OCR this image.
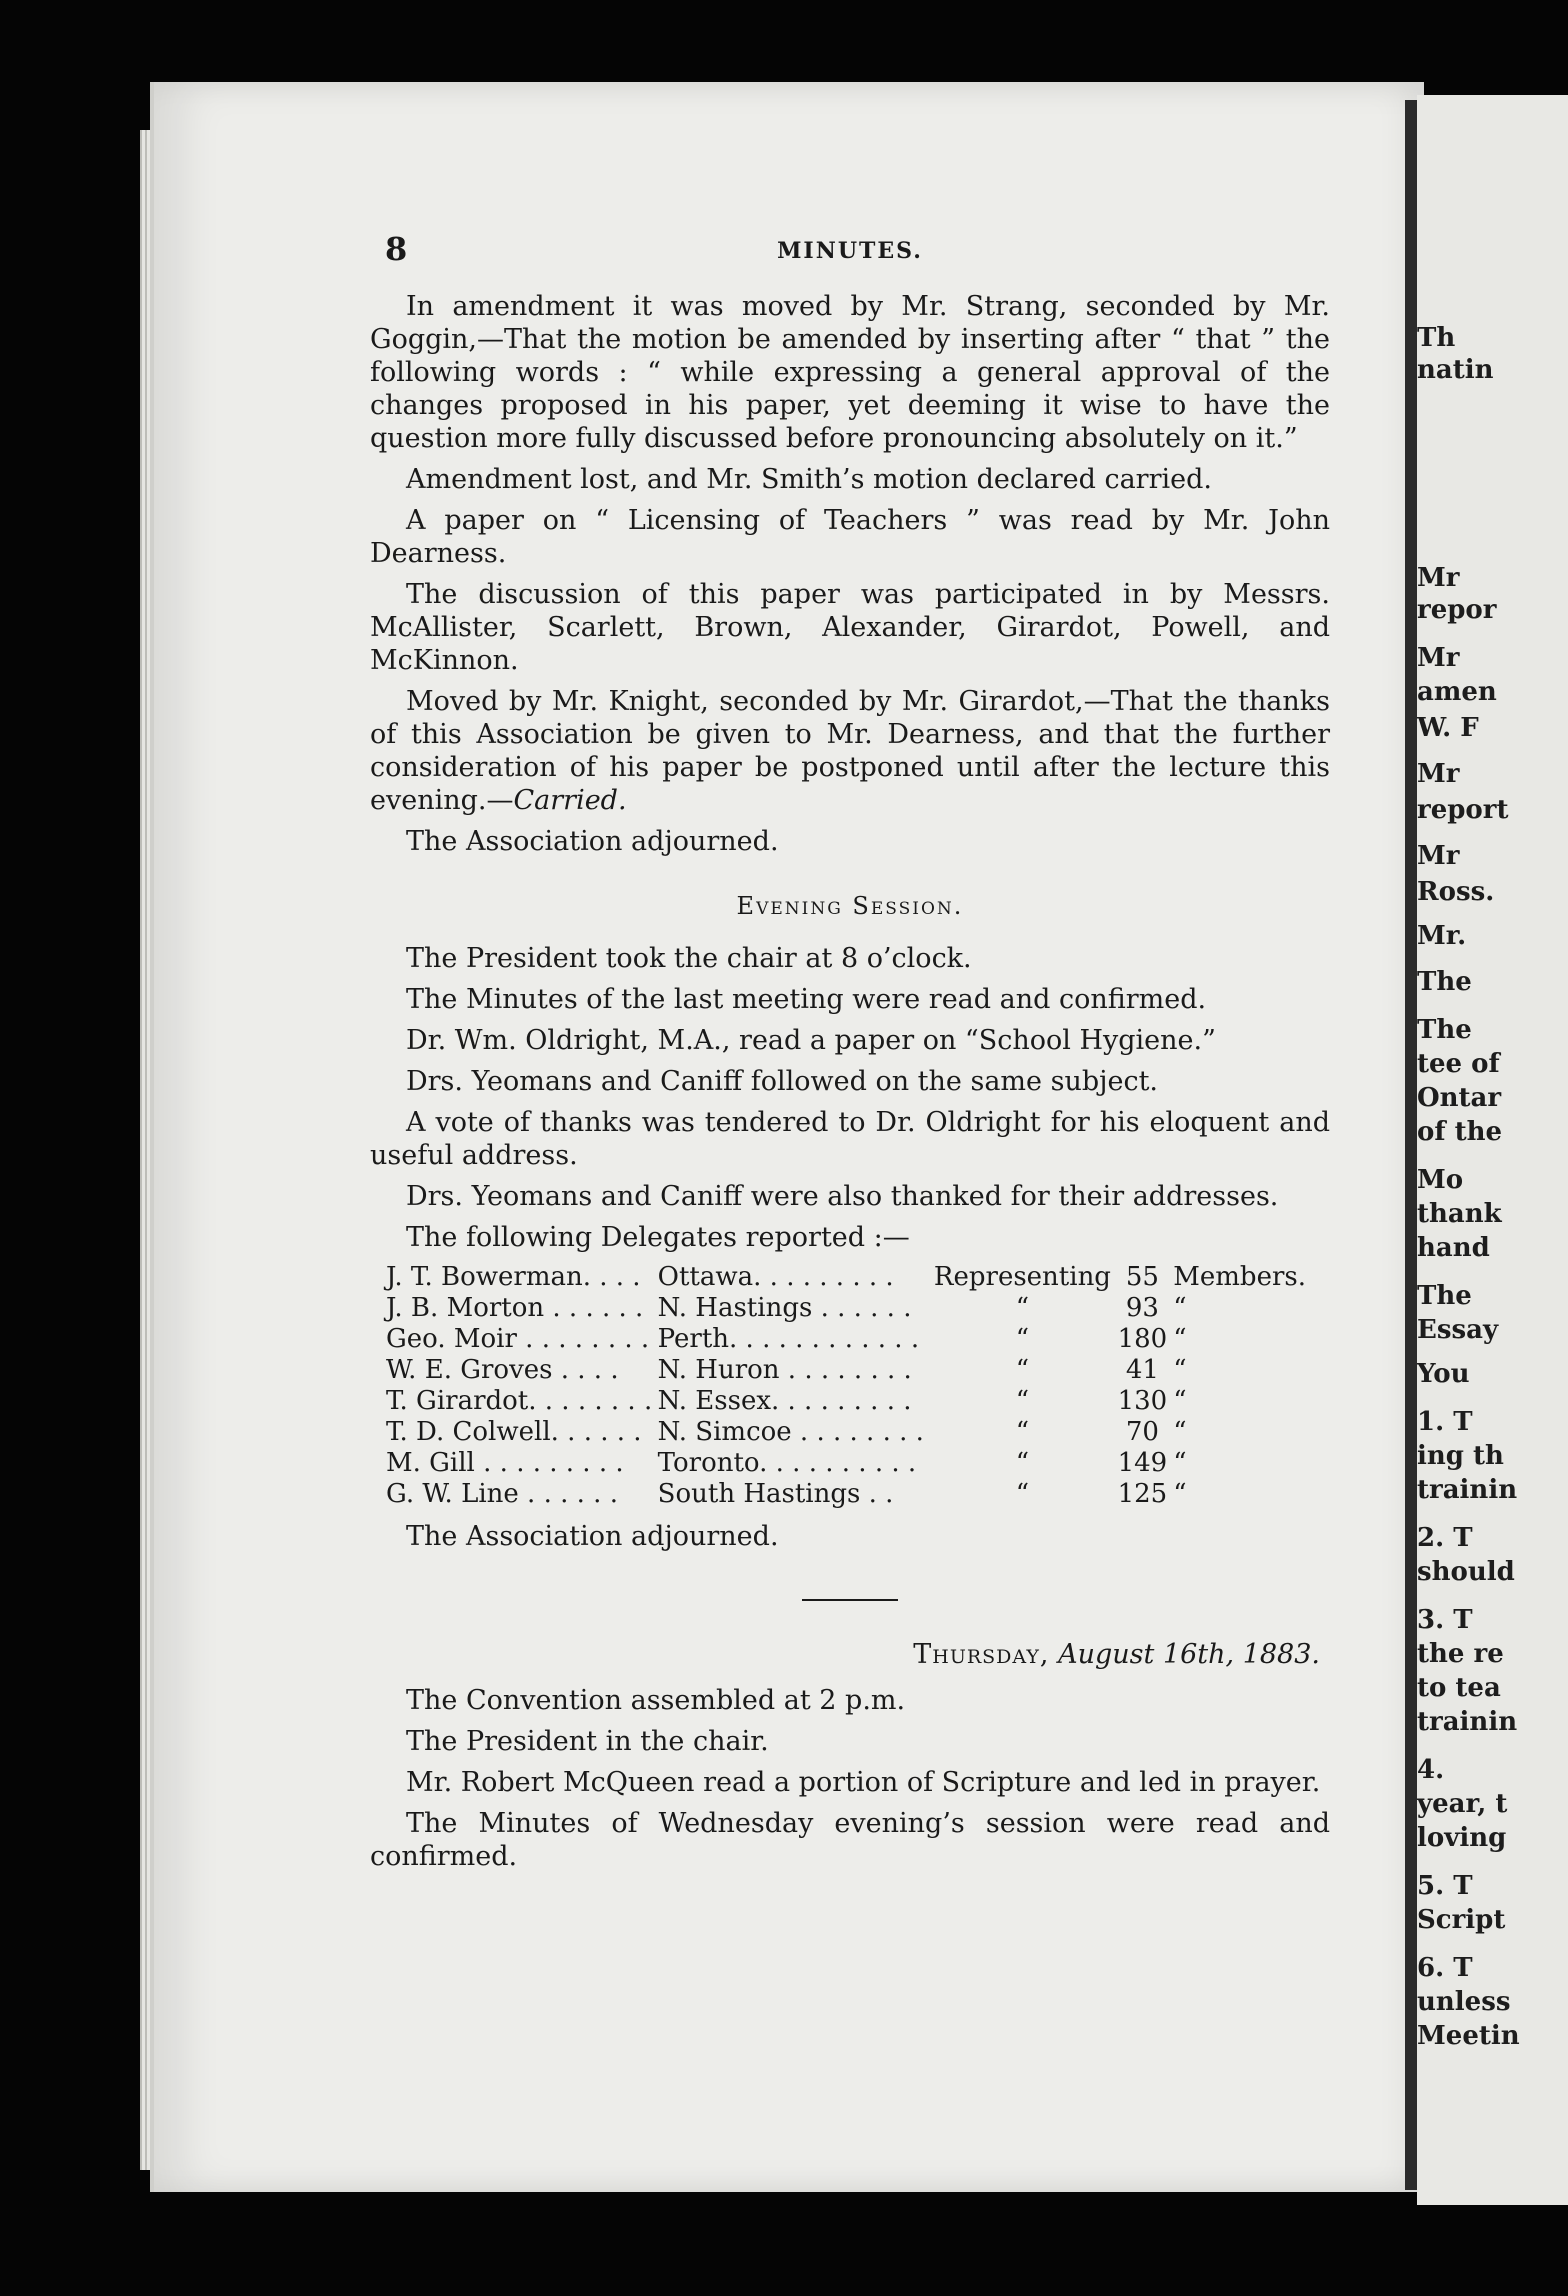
Th
natin
Mr
repor
Mr
amen
W. F
Mr
report
Mr
Ross.
Mr.
The
The
tee of
Ontar
of the
Mo
thank
hand
The
Essay
You
1. T
ing th
trainin
2. T
should
3. T
the re
to tea
trainin
4.
year, t
loving
5. T
Script
6. T
unless
Meetin
8	MINUTES.

In amendment it was moved by Mr. Strang, seconded by Mr. Goggin,—That the motion be amended by inserting after “ that ” the following words : “ while expressing a general approval of the changes proposed in his paper, yet deeming it wise to have the question more fully discussed before pronouncing absolutely on it.”

Amendment lost, and Mr. Smith’s motion declared carried.

A paper on “ Licensing of Teachers ” was read by Mr. John Dearness.

The discussion of this paper was participated in by Messrs. McAllister, Scarlett, Brown, Alexander, Girardot, Powell, and McKinnon.

Moved by Mr. Knight, seconded by Mr. Girardot,—That the thanks of this Association be given to Mr. Dearness, and that the further consideration of his paper be postponed until after the lecture this evening.—Carried.

The Association adjourned.

Evening Session.

The President took the chair at 8 o’clock.

The Minutes of the last meeting were read and confirmed.

Dr. Wm. Oldright, M.A., read a paper on “School Hygiene.”

Drs. Yeomans and Caniff followed on the same subject.

A vote of thanks was tendered to Dr. Oldright for his eloquent and useful address.

Drs. Yeomans and Caniff were also thanked for their addresses.

The following Delegates reported :—

J. T. Bowerman. . . .	Ottawa. . . . . . . . .	Representing	55	Members.
J. B. Morton . . . . . .	N. Hastings . . . . . .	“	93	“
Geo. Moir . . . . . . . .	Perth. . . . . . . . . . . .	“	180	“
W. E. Groves . . . .	N. Huron . . . . . . . .	“	41	“
T. Girardot. . . . . . . .	N. Essex. . . . . . . . .	“	130	“
T. D. Colwell. . . . . .	N. Simcoe . . . . . . . .	“	70	“
M. Gill . . . . . . . . .	Toronto. . . . . . . . . .	“	149	“
G. W. Line . . . . . .	South Hastings . .	“	125	“

The Association adjourned.

Thursday, August 16th, 1883.

The Convention assembled at 2 p.m.

The President in the chair.

Mr. Robert McQueen read a portion of Scripture and led in prayer.

The Minutes of Wednesday evening’s session were read and confirmed.
